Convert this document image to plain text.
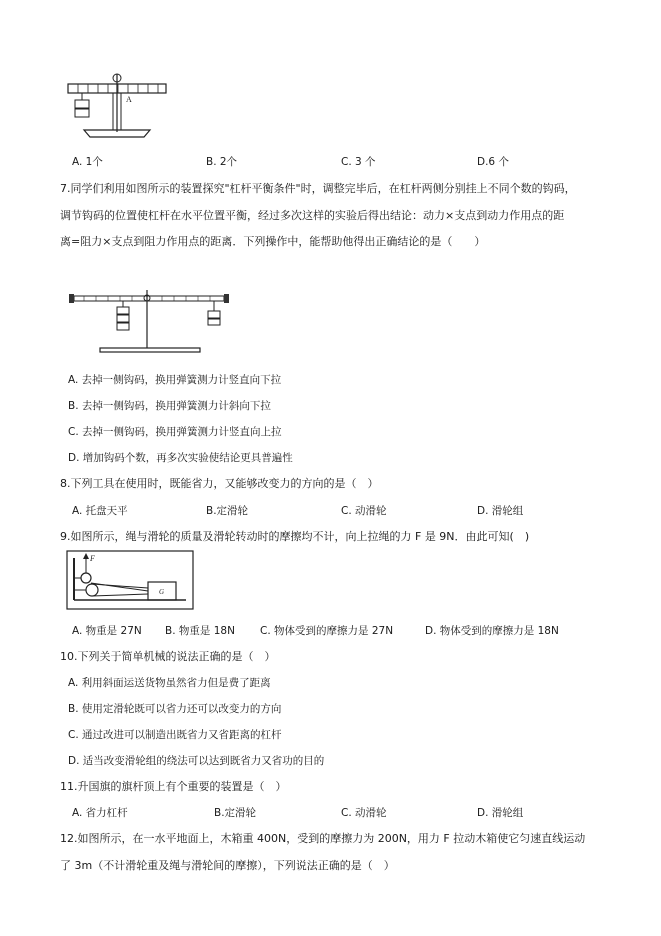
A
A. 1个	B. 2个	C. 3 个	D.6 个
7.同学们利用如图所示的装置探究"杠杆平衡条件"时，调整完毕后，在杠杆两侧分别挂上不同个数的钩码，
调节钩码的位置使杠杆在水平位置平衡，经过多次这样的实验后得出结论：动力×支点到动力作用点的距
离=阻力×支点到阻力作用点的距离．下列操作中，能帮助他得出正确结论的是（　　）
A. 去掉一侧钩码，换用弹簧测力计竖直向下拉
B. 去掉一侧钩码，换用弹簧测力计斜向下拉
C. 去掉一侧钩码，换用弹簧测力计竖直向上拉
D. 增加钩码个数，再多次实验使结论更具普遍性
8.下列工具在使用时，既能省力，又能够改变力的方向的是（　）
A. 托盘天平	B.定滑轮	C. 动滑轮	D. 滑轮组
9.如图所示，绳与滑轮的质量及滑轮转动时的摩擦均不计，向上拉绳的力 F 是 9N．由此可知(　)
F
G
A. 物重是 27N B. 物重是 18N C. 物体受到的摩擦力是 27N	D. 物体受到的摩擦力是 18N
10.下列关于简单机械的说法正确的是（　）
A. 利用斜面运送货物虽然省力但是费了距离
B. 使用定滑轮既可以省力还可以改变力的方向
C. 通过改进可以制造出既省力又省距离的杠杆
D. 适当改变滑轮组的绕法可以达到既省力又省功的目的
11.升国旗的旗杆顶上有个重要的装置是（　）
A. 省力杠杆	B.定滑轮	C. 动滑轮	D. 滑轮组
12.如图所示，在一水平地面上，木箱重 400N，受到的摩擦力为 200N，用力 F 拉动木箱使它匀速直线运动
了 3m（不计滑轮重及绳与滑轮间的摩擦），下列说法正确的是（　）
